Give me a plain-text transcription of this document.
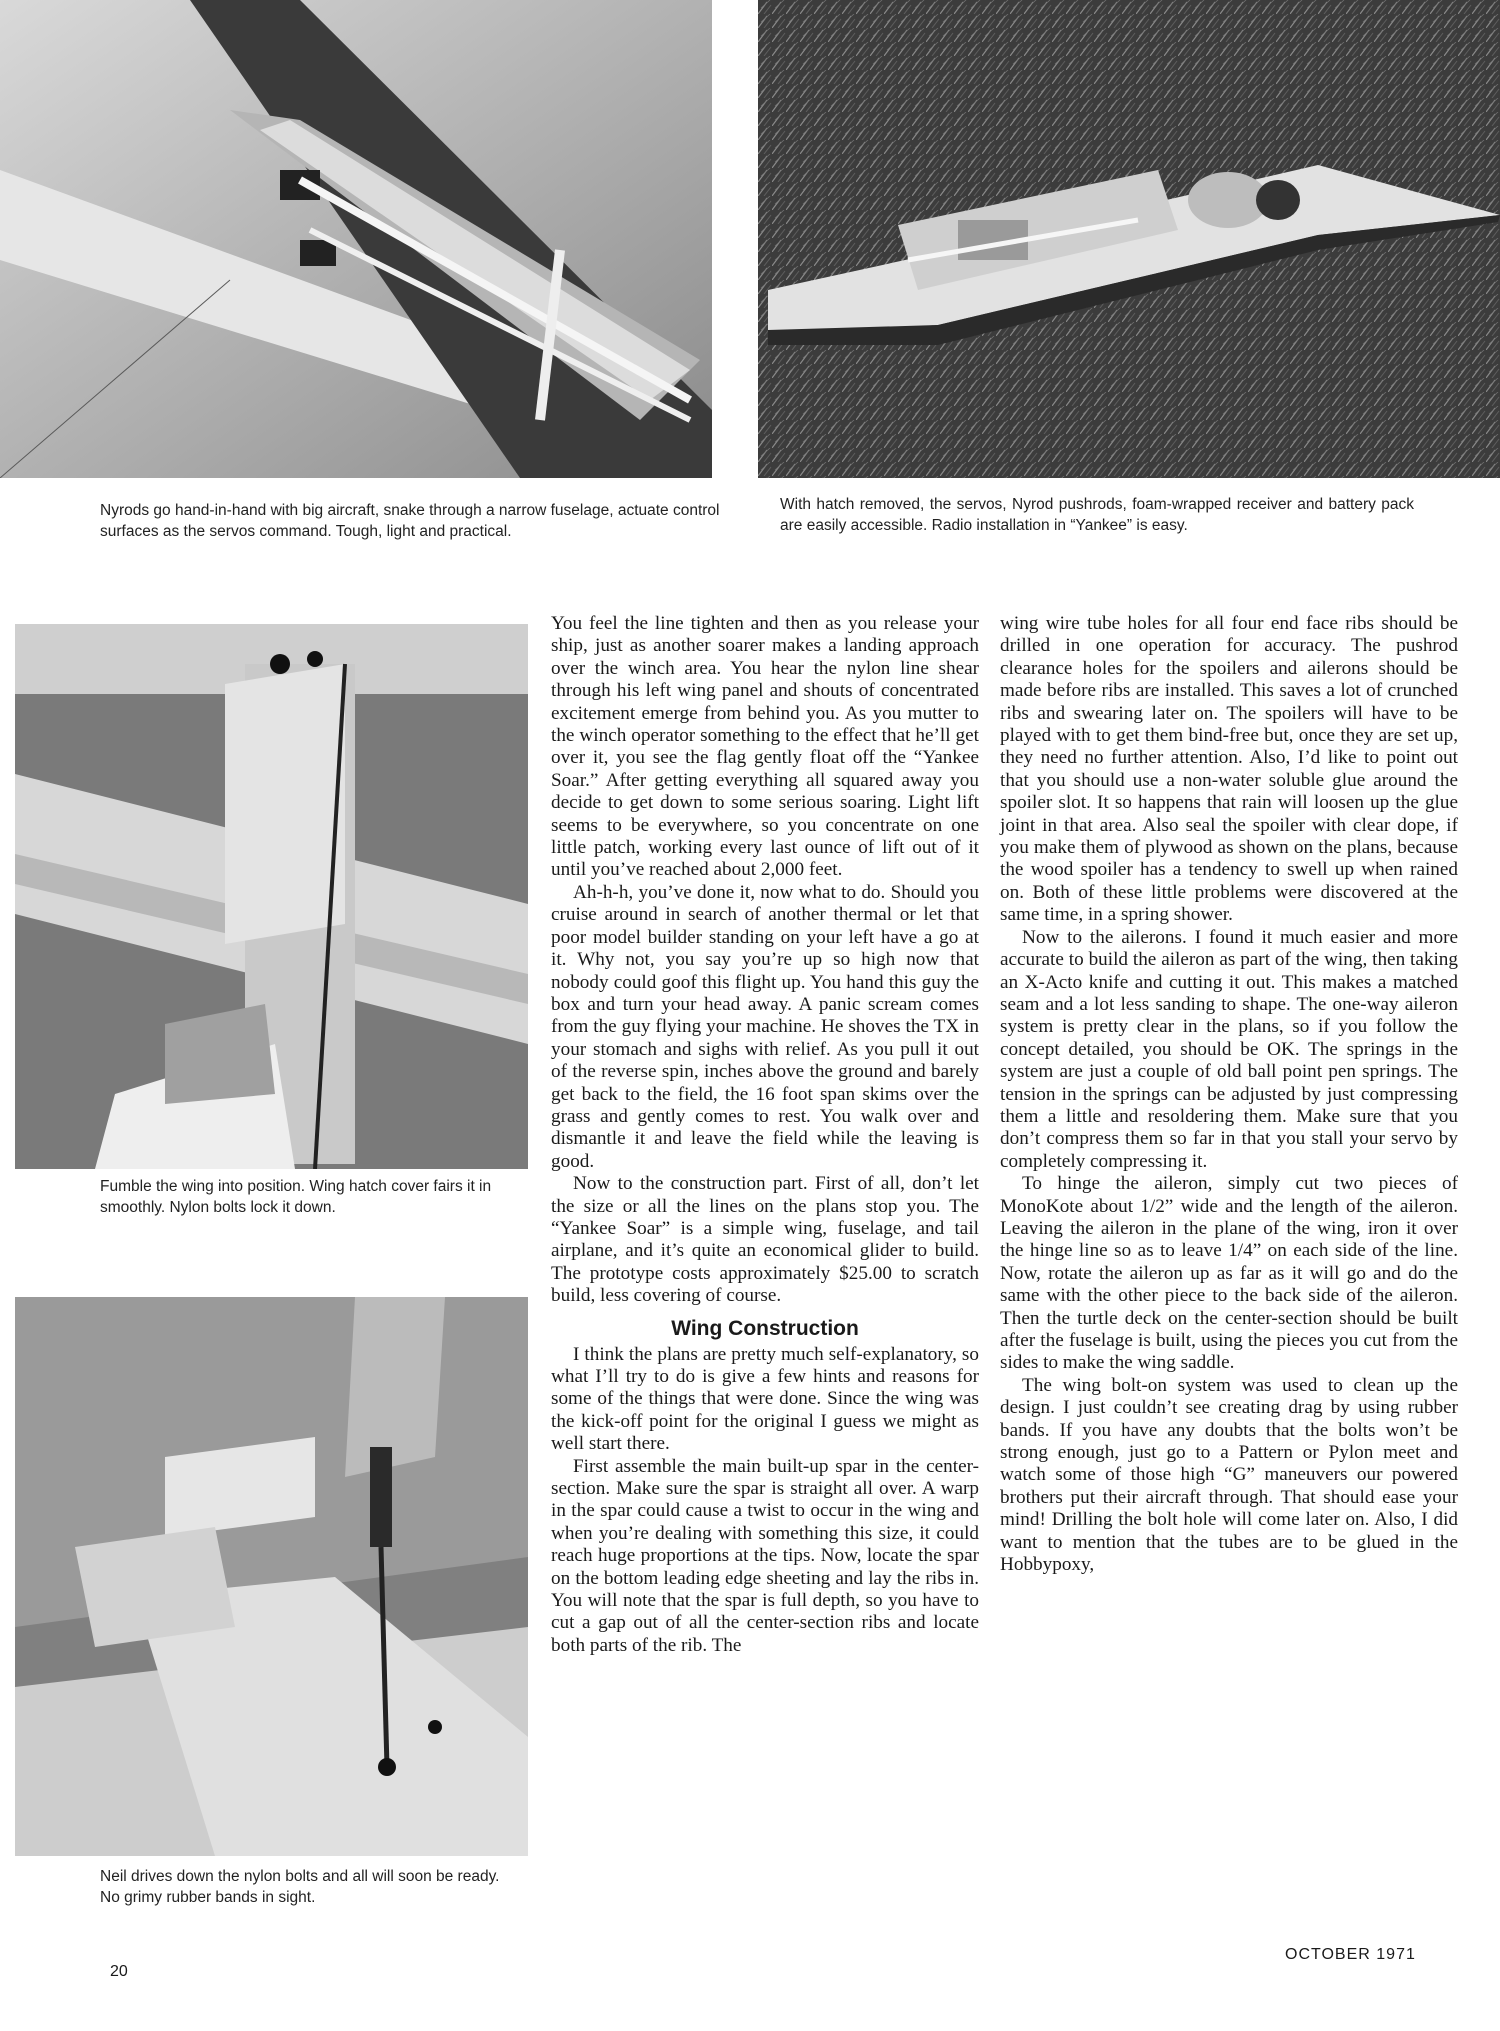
Nyrods go hand-in-hand with big aircraft, snake through a narrow fuselage, actuate control surfaces as the servos command. Tough, light and practical.
With hatch removed, the servos, Nyrod pushrods, foam-wrapped receiver and battery pack are easily accessible. Radio installation in “Yankee” is easy.
Fumble the wing into position. Wing hatch cover fairs it in smoothly. Nylon bolts lock it down.
Neil drives down the nylon bolts and all will soon be ready. No grimy rubber bands in sight.

You feel the line tighten and then as you release your ship, just as another soarer makes a landing approach over the winch area. You hear the nylon line shear through his left wing panel and shouts of concentrated excitement emerge from behind you. As you mutter to the winch operator something to the effect that he’ll get over it, you see the flag gently float off the “Yankee Soar.” After getting everything all squared away you decide to get down to some serious soaring. Light lift seems to be everywhere, so you concentrate on one little patch, working every last ounce of lift out of it until you’ve reached about 2,000 feet.

Ah-h-h, you’ve done it, now what to do. Should you cruise around in search of another thermal or let that poor model builder standing on your left have a go at it. Why not, you say you’re up so high now that nobody could goof this flight up. You hand this guy the box and turn your head away. A panic scream comes from the guy flying your machine. He shoves the TX in your stomach and sighs with relief. As you pull it out of the reverse spin, inches above the ground and barely get back to the field, the 16 foot span skims over the grass and gently comes to rest. You walk over and dismantle it and leave the field while the leaving is good.

Now to the construction part. First of all, don’t let the size or all the lines on the plans stop you. The “Yankee Soar” is a simple wing, fuselage, and tail airplane, and it’s quite an economical glider to build. The prototype costs approximately $25.00 to scratch build, less covering of course.

Wing Construction

I think the plans are pretty much self-explanatory, so what I’ll try to do is give a few hints and reasons for some of the things that were done. Since the wing was the kick-off point for the original I guess we might as well start there.

First assemble the main built-up spar in the center-section. Make sure the spar is straight all over. A warp in the spar could cause a twist to occur in the wing and when you’re dealing with something this size, it could reach huge proportions at the tips. Now, locate the spar on the bottom leading edge sheeting and lay the ribs in. You will note that the spar is full depth, so you have to cut a gap out of all the center-section ribs and locate both parts of the rib. The

wing wire tube holes for all four end face ribs should be drilled in one operation for accuracy. The pushrod clearance holes for the spoilers and ailerons should be made before ribs are installed. This saves a lot of crunched ribs and swearing later on. The spoilers will have to be played with to get them bind-free but, once they are set up, they need no further attention. Also, I’d like to point out that you should use a non-water soluble glue around the spoiler slot. It so happens that rain will loosen up the glue joint in that area. Also seal the spoiler with clear dope, if you make them of plywood as shown on the plans, because the wood spoiler has a tendency to swell up when rained on. Both of these little problems were discovered at the same time, in a spring shower.

Now to the ailerons. I found it much easier and more accurate to build the aileron as part of the wing, then taking an X-Acto knife and cutting it out. This makes a matched seam and a lot less sanding to shape. The one-way aileron system is pretty clear in the plans, so if you follow the concept detailed, you should be OK. The springs in the system are just a couple of old ball point pen springs. The tension in the springs can be adjusted by just compressing them a little and resoldering them. Make sure that you don’t compress them so far in that you stall your servo by completely compressing it.

To hinge the aileron, simply cut two pieces of MonoKote about 1/2” wide and the length of the aileron. Leaving the aileron in the plane of the wing, iron it over the hinge line so as to leave 1/4” on each side of the line. Now, rotate the aileron up as far as it will go and do the same with the other piece to the back side of the aileron. Then the turtle deck on the center-section should be built after the fuselage is built, using the pieces you cut from the sides to make the wing saddle.

The wing bolt-on system was used to clean up the design. I just couldn’t see creating drag by using rubber bands. If you have any doubts that the bolts won’t be strong enough, just go to a Pattern or Pylon meet and watch some of those high “G” maneuvers our powered brothers put their aircraft through. That should ease your mind! Drilling the bolt hole will come later on. Also, I did want to mention that the tubes are to be glued in the Hobbypoxy,

20
OCTOBER 1971
